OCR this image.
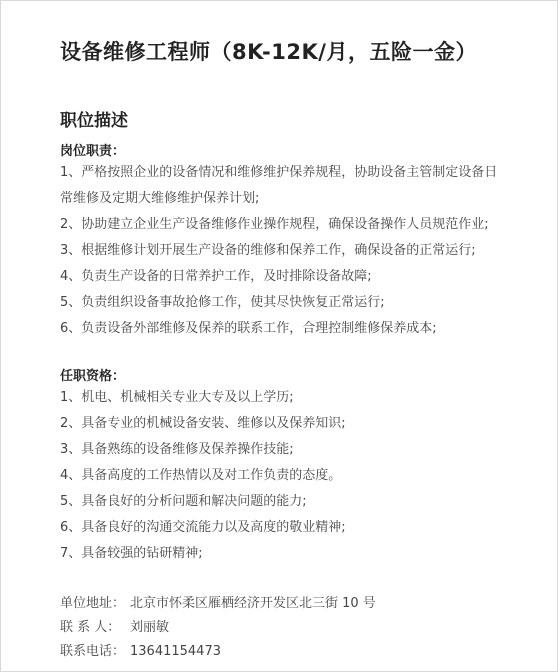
设备维修工程师（8K-12K/月，五险一金）
职位描述
岗位职责：
1、严格按照企业的设备情况和维修维护保养规程，协助设备主管制定设备日常维修及定期大维修维护保养计划;
2、协助建立企业生产设备维修作业操作规程，确保设备操作人员规范作业;
3、根据维修计划开展生产设备的维修和保养工作，确保设备的正常运行;
4、负责生产设备的日常养护工作，及时排除设备故障;
5、负责组织设备事故抢修工作，使其尽快恢复正常运行;
6、负责设备外部维修及保养的联系工作，合理控制维修保养成本;
任职资格：
1、机电、机械相关专业大专及以上学历;
2、具备专业的机械设备安装、维修以及保养知识;
3、具备熟练的设备维修及保养操作技能;
4、具备高度的工作热情以及对工作负责的态度。
5、具备良好的分析问题和解决问题的能力;
6、具备良好的沟通交流能力以及高度的敬业精神;
7、具备较强的钻研精神;
单位地址： 北京市怀柔区雁栖经济开发区北三街 10 号
联 系 人： 刘丽敏
联系电话： 13641154473
